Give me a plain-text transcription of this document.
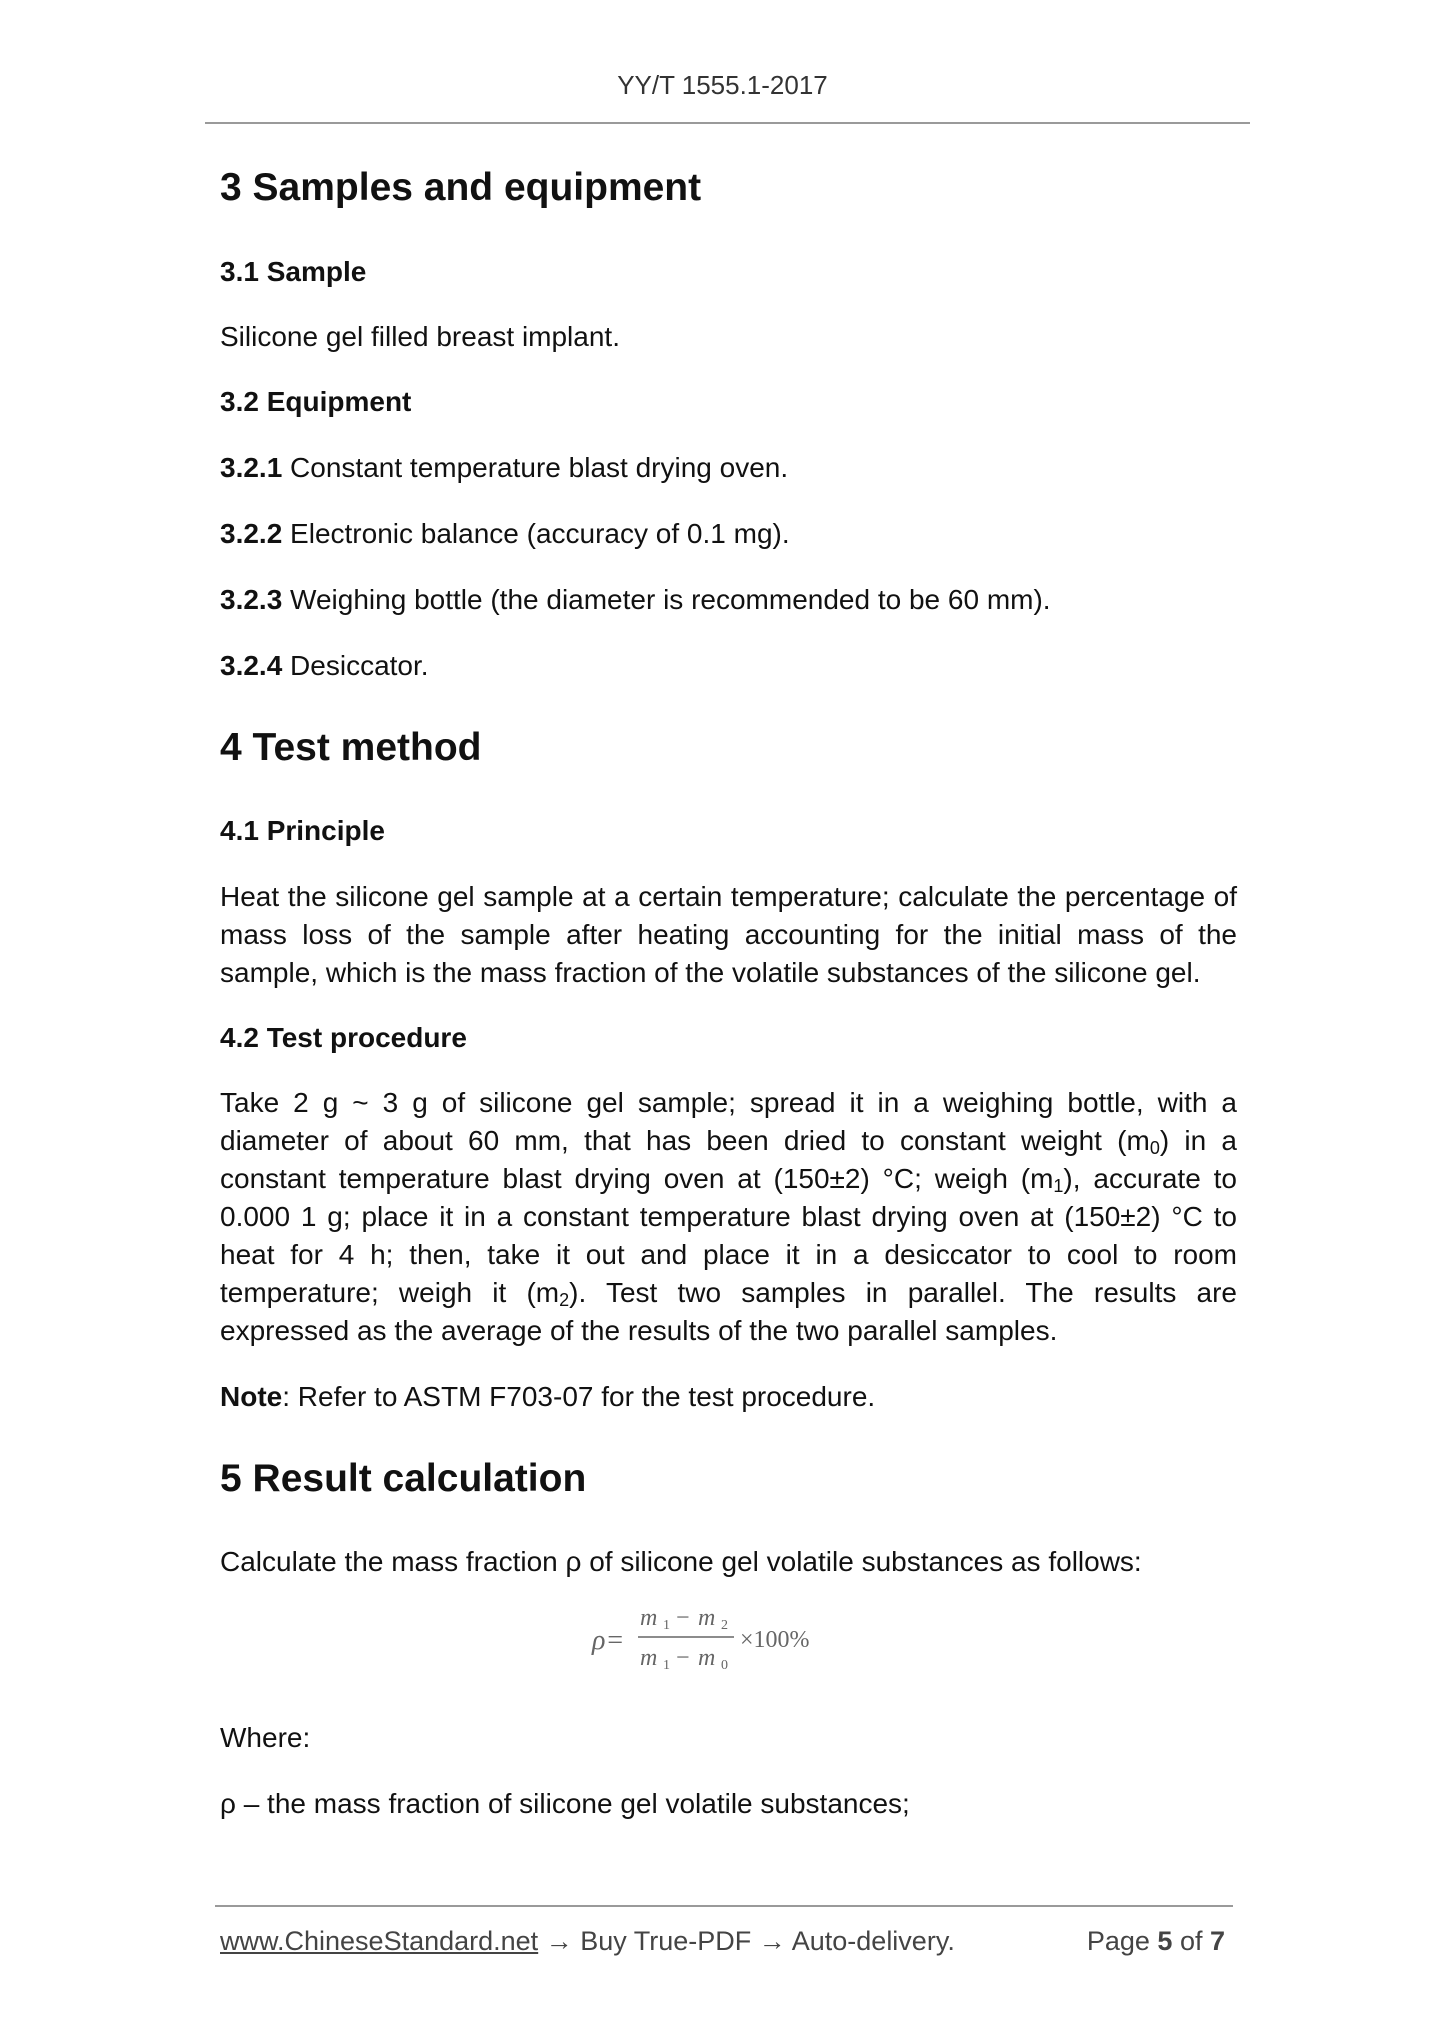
YY/T 1555.1-2017
3 Samples and equipment
3.1 Sample

Silicone gel filled breast implant.

3.2 Equipment

3.2.1 Constant temperature blast drying oven.

3.2.2 Electronic balance (accuracy of 0.1 mg).

3.2.3 Weighing bottle (the diameter is recommended to be 60 mm).

3.2.4 Desiccator.

4 Test method
4.1 Principle

Heat the silicone gel sample at a certain temperature; calculate the percentage of mass loss of the sample after heating accounting for the initial mass of the sample, which is the mass fraction of the volatile substances of the silicone gel.

4.2 Test procedure

Take 2 g ~ 3 g of silicone gel sample; spread it in a weighing bottle, with a diameter of about 60 mm, that has been dried to constant weight $(m_0)$ in a constant temperature blast drying oven at (150±2) °C; weigh $(m_1)$, accurate to 0.000 1 g; place it in a constant temperature blast drying oven at (150±2) °C to heat for 4 h; then, take it out and place it in a desiccator to cool to room temperature; weigh it $(m_2)$. Test two samples in parallel. The results are expressed as the average of the results of the two parallel samples.

Note: Refer to ASTM F703-07 for the test procedure.

5 Result calculation

Calculate the mass fraction ρ of silicone gel volatile substances as follows:

ρ=
m 1 − m 2
m 1 − m 0
×100%

Where:

ρ – the mass fraction of silicone gel volatile substances;

www.ChineseStandard.net → Buy True-PDF → Auto-delivery.	Page 5 of 7
